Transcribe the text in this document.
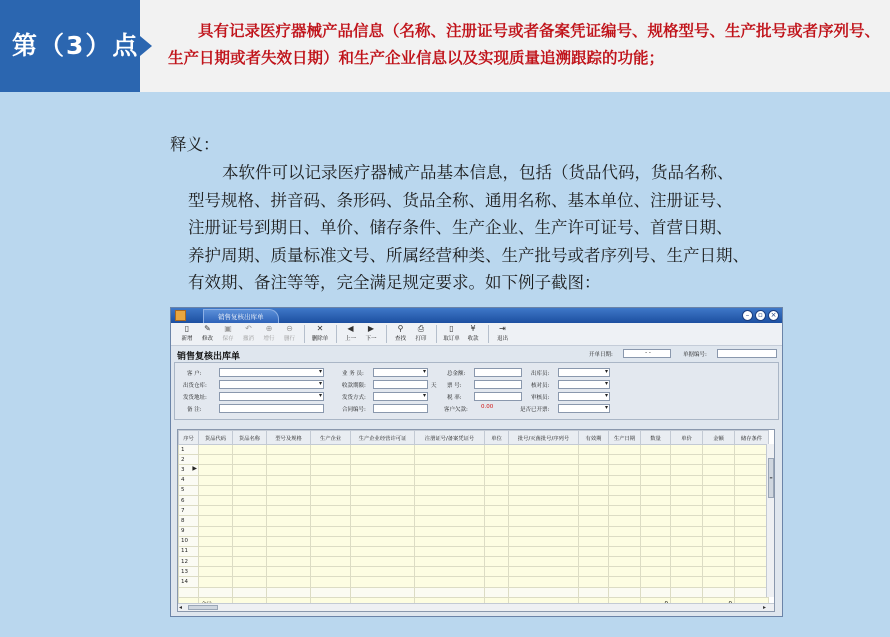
第（3）点	具有记录医疗器械产品信息（名称、注册证号或者备案凭证编号、规格型号、生产批号或者序列号、
生产日期或者失效日期）和生产企业信息以及实现质量追溯跟踪的功能；
释义：
本软件可以记录医疗器械产品基本信息，包括（货品代码，货品名称、
型号规格、拼音码、条形码、货品全称、通用名称、基本单位、注册证号、
注册证号到期日、单价、储存条件、生产企业、生产许可证号、首营日期、
养护周期、质量标准文号、所属经营种类、生产批号或者序列号、生产日期、
有效期、备注等等，完全满足规定要求。如下例子截图：
销售复核出库单	–	▫	×
▯
新增
✎
修改
▣
保存
↶
撤消
⊕
增行
⊖
删行
✕
删除单
◀
上一
▶
下一
⚲
查找
⎙
打印
▯
取订单
¥
收款
⇥
退出
销售复核出库单	开单日期:	- -	单据编号:
客 户:
▾
出货仓库:
▾
发货地址:
▾
备 注:
业 务 员:
▾
收款期限:	天
发货方式:
▾
合同编号:
总金额:
票 号:
税 率:
客户欠款:	0.00
出库员:
▾
核对员:
▾
审核员:
▾
是否已开票:
▾
序号	货品代码	货品名称	型号及规格	生产企业	生产企业经营许可证	注册证号/备案凭证号	单位	批号/灭菌批号/序列号	有效期	生产日期	数量	单价	金额	储存条件
1														
2														
3 ▶														

4														
5														
6														
7														
8														
9														
10														
11														
12														
13														
14														

≡
◂	▸
